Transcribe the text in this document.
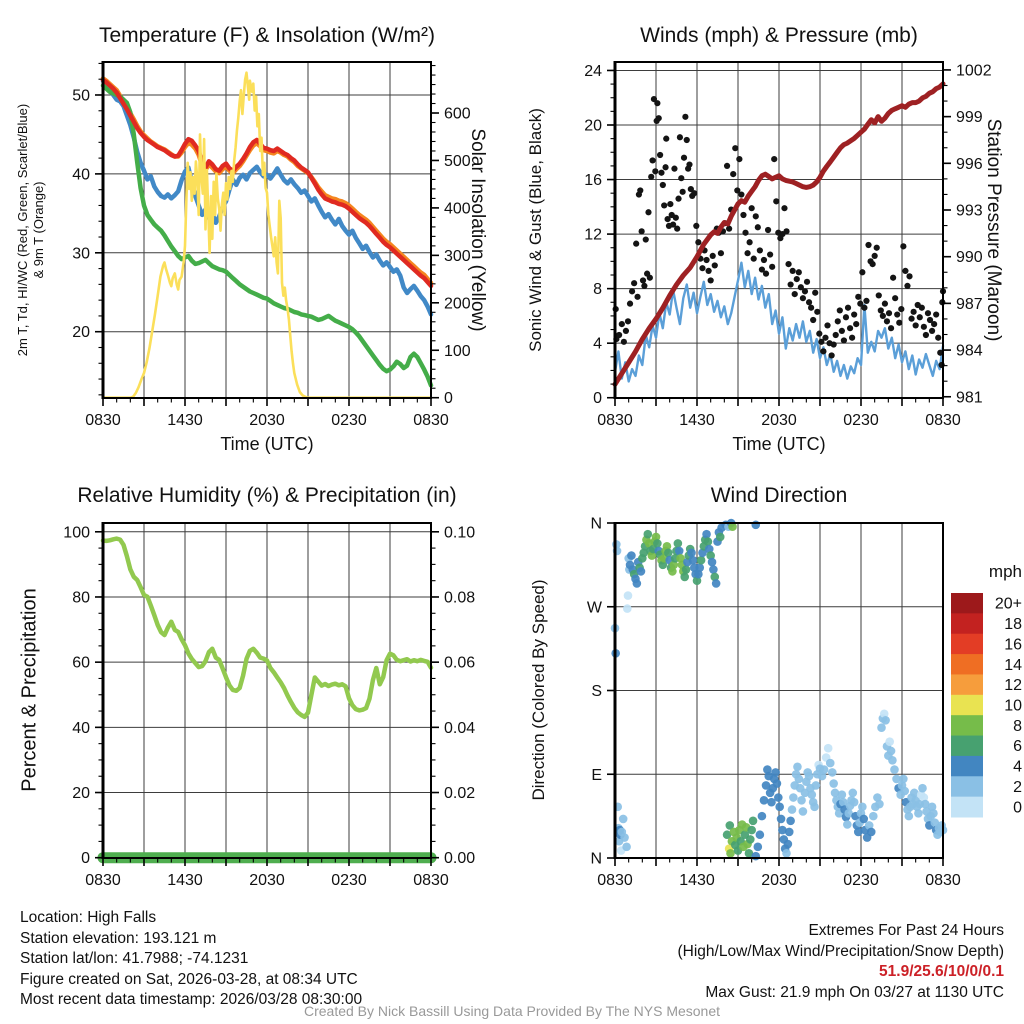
20
30
40
50
0
100
200
300
400
500
600
0830	1430	2030	0230	0830
0
4
8
12
16
20
24
981
984
987
990
993
996
999
1002
0830	1430	2030	0230	0830
0
20
40
60
80
100
0.00
0.02
0.04
0.06
0.08
0.10
0830	1430	2030	0230	0830
N
E
S
W
N
0830	1430	2030	0230	0830
mph
20+
18
16
14
12
10
8
6
4
2
0
Temperature (F) & Insolation (W/m²)	Winds (mph) & Pressure (mb)
Relative Humidity (%) & Precipitation (in)	Wind Direction
Time (UTC)	Time (UTC)
2m T, Td, HI/WC (Red, Green, Scarlet/Blue) & 9m T (Orange)	Solar Insolation (Yellow) Sonic Wind & Gust (Blue, Black)	Station Pressure (Maroon)
Percent & Precipitation	Direction (Colored By Speed)
Location: High Falls
Station elevation: 193.121 m
Station lat/lon: 41.7988; -74.1231
Figure created on Sat, 2026-03-28, at 08:34 UTC
Most recent data timestamp: 2026/03/28 08:30:00
Extremes For Past 24 Hours
(High/Low/Max Wind/Precipitation/Snow Depth)
51.9/25.6/10/0/0.1
Max Gust: 21.9 mph On 03/27 at 1130 UTC
Created By Nick Bassill Using Data Provided By The NYS Mesonet
